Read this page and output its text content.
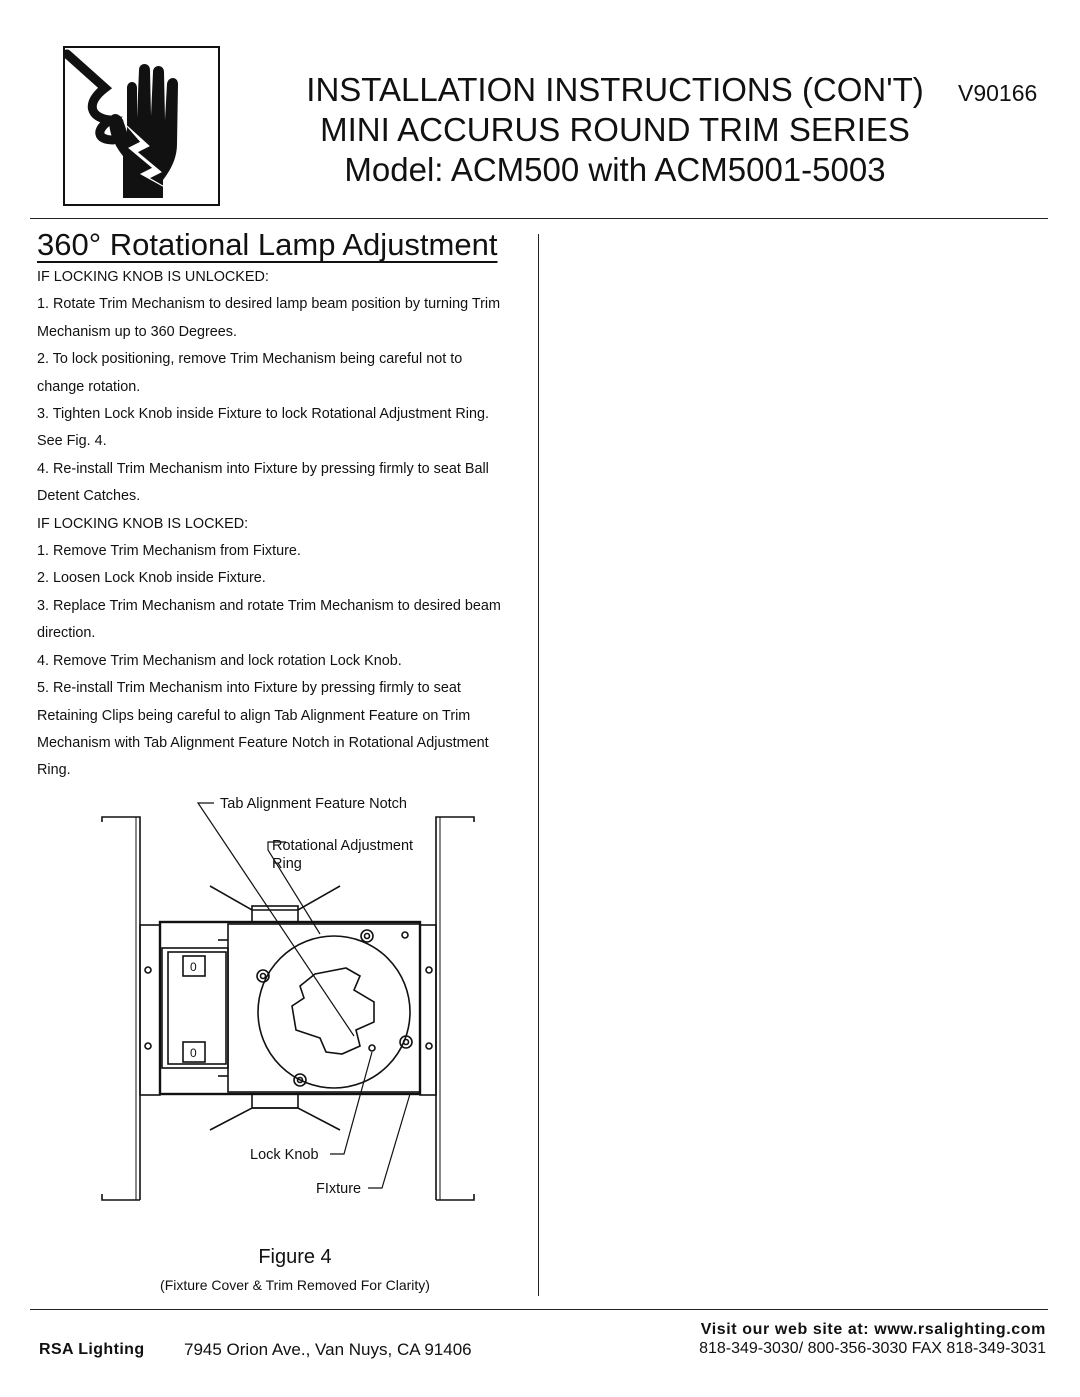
INSTALLATION INSTRUCTIONS (CON'T)
MINI ACCURUS ROUND TRIM SERIES
Model: ACM500 with ACM5001-5003
V90166
360° Rotational Lamp Adjustment
IF LOCKING KNOB IS UNLOCKED:
1. Rotate Trim Mechanism to desired lamp beam position by turning Trim
Mechanism up to 360 Degrees.
2. To lock positioning, remove Trim Mechanism being careful not to
change rotation.
3. Tighten Lock Knob inside Fixture to lock Rotational Adjustment Ring.
See Fig. 4.
4. Re-install Trim Mechanism into Fixture by pressing firmly to seat Ball
Detent Catches.
IF LOCKING KNOB IS LOCKED:
1. Remove Trim Mechanism from Fixture.
2. Loosen Lock Knob inside Fixture.
3. Replace Trim Mechanism and rotate Trim Mechanism to desired beam
direction.
4. Remove Trim Mechanism and lock rotation Lock Knob.
5. Re-install Trim Mechanism into Fixture by pressing firmly to seat
Retaining Clips being careful to align Tab Alignment Feature on Trim
Mechanism with Tab Alignment Feature Notch in Rotational Adjustment
Ring.
Tab Alignment Feature Notch
Rotational Adjustment
Ring
Lock Knob
FIxture
0
0
Figure 4
(Fixture Cover & Trim Removed For Clarity)
Visit our web site at: www.rsalighting.com
RSA Lighting 7945 Orion Ave., Van Nuys, CA 91406	818-349-3030/ 800-356-3030 FAX 818-349-3031
